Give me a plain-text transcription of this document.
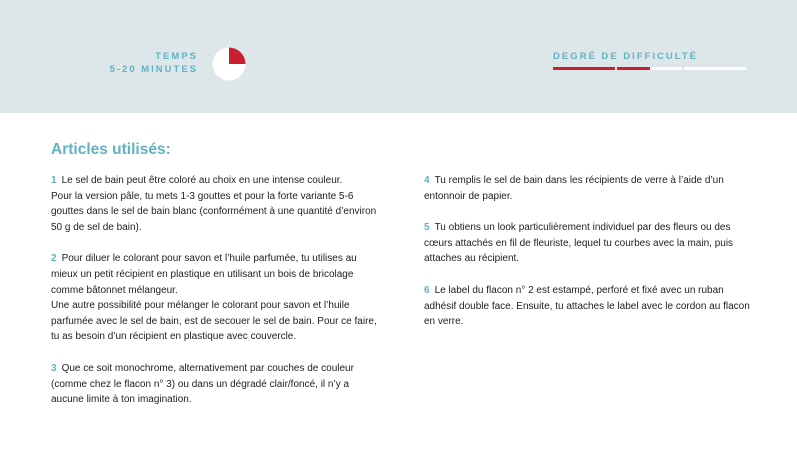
TEMPS
5-20 MINUTES
DEGRÉ DE DIFFICULTÉ
Articles utilisés:

1 Le sel de bain peut être coloré au choix en une intense couleur.
Pour la version pâle, tu mets 1-3 gouttes et pour la forte variante 5-6 gouttes dans le sel de bain blanc (conformément à une quantité d’environ 50 g de sel de bain).

2 Pour diluer le colorant pour savon et l’huile parfumée, tu utilises au mieux un petit récipient en plastique en utilisant un bois de bricolage comme bâtonnet mélangeur.
Une autre possibilité pour mélanger le colorant pour savon et l’huile parfumée avec le sel de bain, est de secouer le sel de bain. Pour ce faire, tu as besoin d’un récipient en plastique avec couvercle.

3 Que ce soit monochrome, alternativement par couches de couleur (comme chez le flacon n° 3) ou dans un dégradé clair/foncé, il n’y a aucune limite à ton imagination.

4 Tu remplis le sel de bain dans les récipients de verre à l’aide d’un entonnoir de papier.

5 Tu obtiens un look particulièrement individuel par des fleurs ou des cœurs attachés en fil de fleuriste, lequel tu courbes avec la main, puis attaches au récipient.

6 Le label du flacon n° 2 est estampé, perforé et fixé avec un ruban adhésif double face. Ensuite, tu attaches le label avec le cordon au flacon en verre.
